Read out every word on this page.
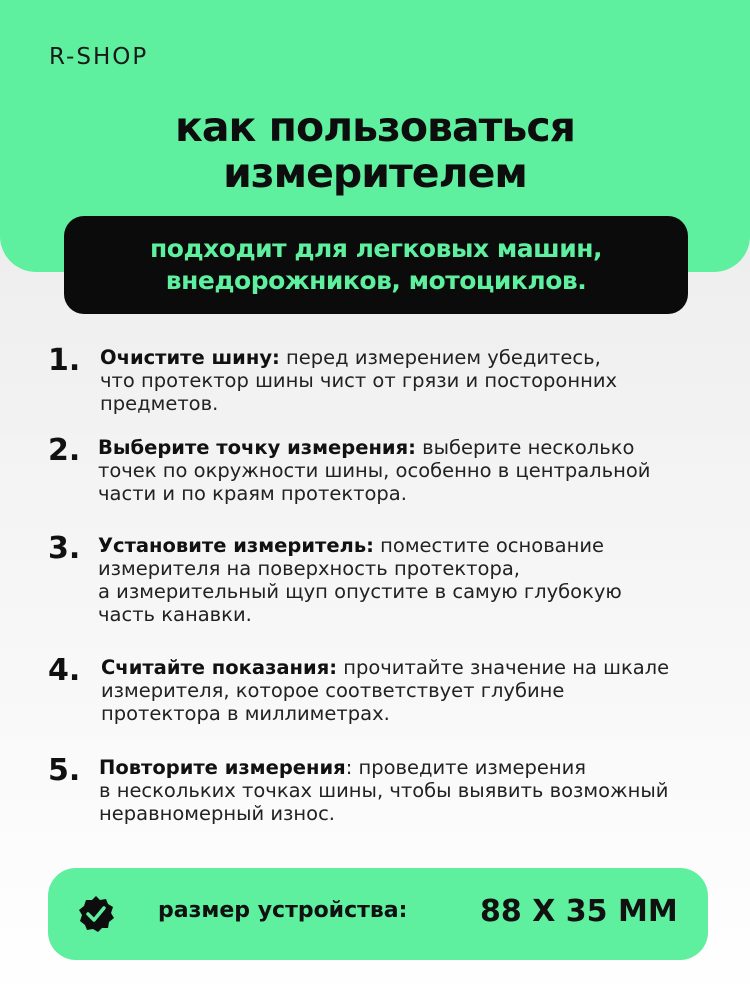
R-SHOP
как пользоваться
измерителем
подходит для легковых машин,
внедорожников, мотоциклов.
1. Очистите шину: перед измерением убедитесь,
что протектор шины чист от грязи и посторонних
предметов.
2. Выберите точку измерения: выберите несколько
точек по окружности шины, особенно в центральной
части и по краям протектора.
3. Установите измеритель: поместите основание
измерителя на поверхность протектора,
а измерительный щуп опустите в самую глубокую
часть канавки.
4. Считайте показания: прочитайте значение на шкале
измерителя, которое соответствует глубине
протектора в миллиметрах.
5. Повторите измерения: проведите измерения
в нескольких точках шины, чтобы выявить возможный
неравномерный износ.
размер устройства: 88 X 35 MM
